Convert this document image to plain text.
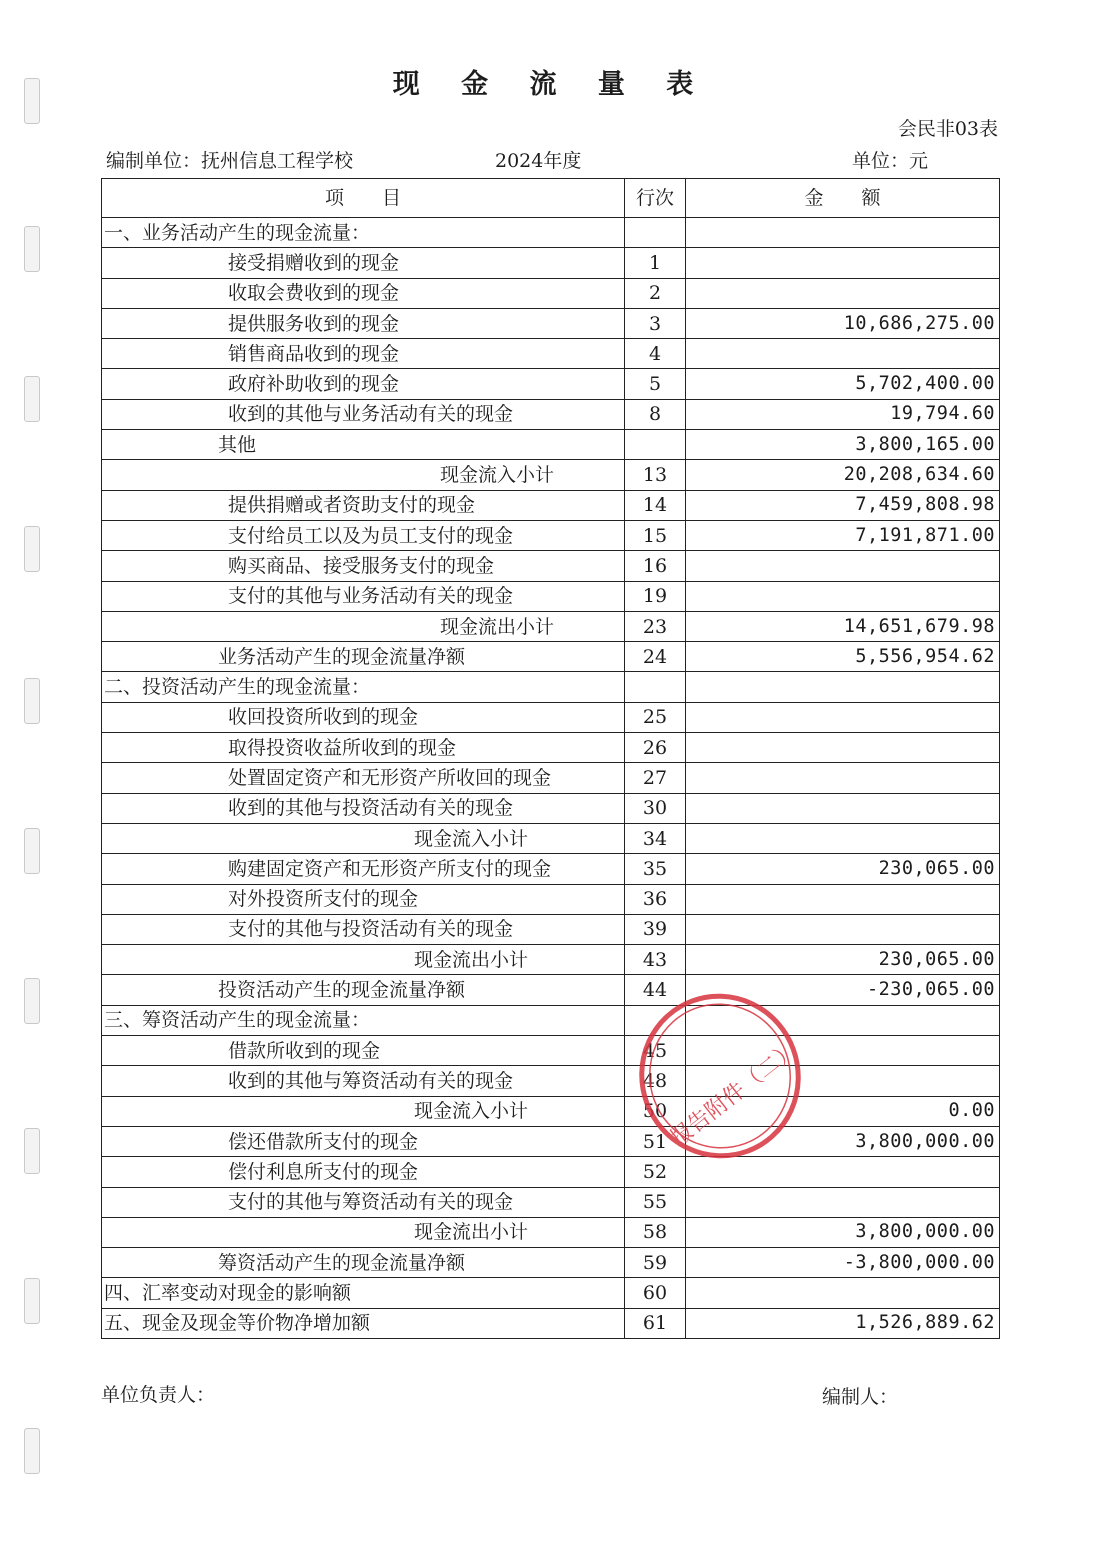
现 金 流 量 表
会民非03表
编制单位：抚州信息工程学校	2024年度	单位：元
项　　目	行次	金　　额
一、业务活动产生的现金流量：		
接受捐赠收到的现金	1	
收取会费收到的现金	2	
提供服务收到的现金	3	10,686,275.00
销售商品收到的现金	4	
政府补助收到的现金	5	5,702,400.00
收到的其他与业务活动有关的现金	8	19,794.60
其他		3,800,165.00
现金流入小计	13	20,208,634.60
提供捐赠或者资助支付的现金	14	7,459,808.98
支付给员工以及为员工支付的现金	15	7,191,871.00
购买商品、接受服务支付的现金	16	
支付的其他与业务活动有关的现金	19	
现金流出小计	23	14,651,679.98
业务活动产生的现金流量净额	24	5,556,954.62
二、投资活动产生的现金流量：		
收回投资所收到的现金	25	
取得投资收益所收到的现金	26	
处置固定资产和无形资产所收回的现金	27	
收到的其他与投资活动有关的现金	30	
现金流入小计	34	
购建固定资产和无形资产所支付的现金	35	230,065.00
对外投资所支付的现金	36	
支付的其他与投资活动有关的现金	39	
现金流出小计	43	230,065.00
投资活动产生的现金流量净额	44	-230,065.00
三、筹资活动产生的现金流量：		
借款所收到的现金	45	
收到的其他与筹资活动有关的现金	48	
现金流入小计	50	0.00
偿还借款所支付的现金	51	3,800,000.00
偿付利息所支付的现金	52	
支付的其他与筹资活动有关的现金	55	
现金流出小计	58	3,800,000.00
筹资活动产生的现金流量净额	59	-3,800,000.00
四、汇率变动对现金的影响额	60	
五、现金及现金等价物净增加额	61	1,526,889.62
报告附件（二）
单位负责人：	编制人：
